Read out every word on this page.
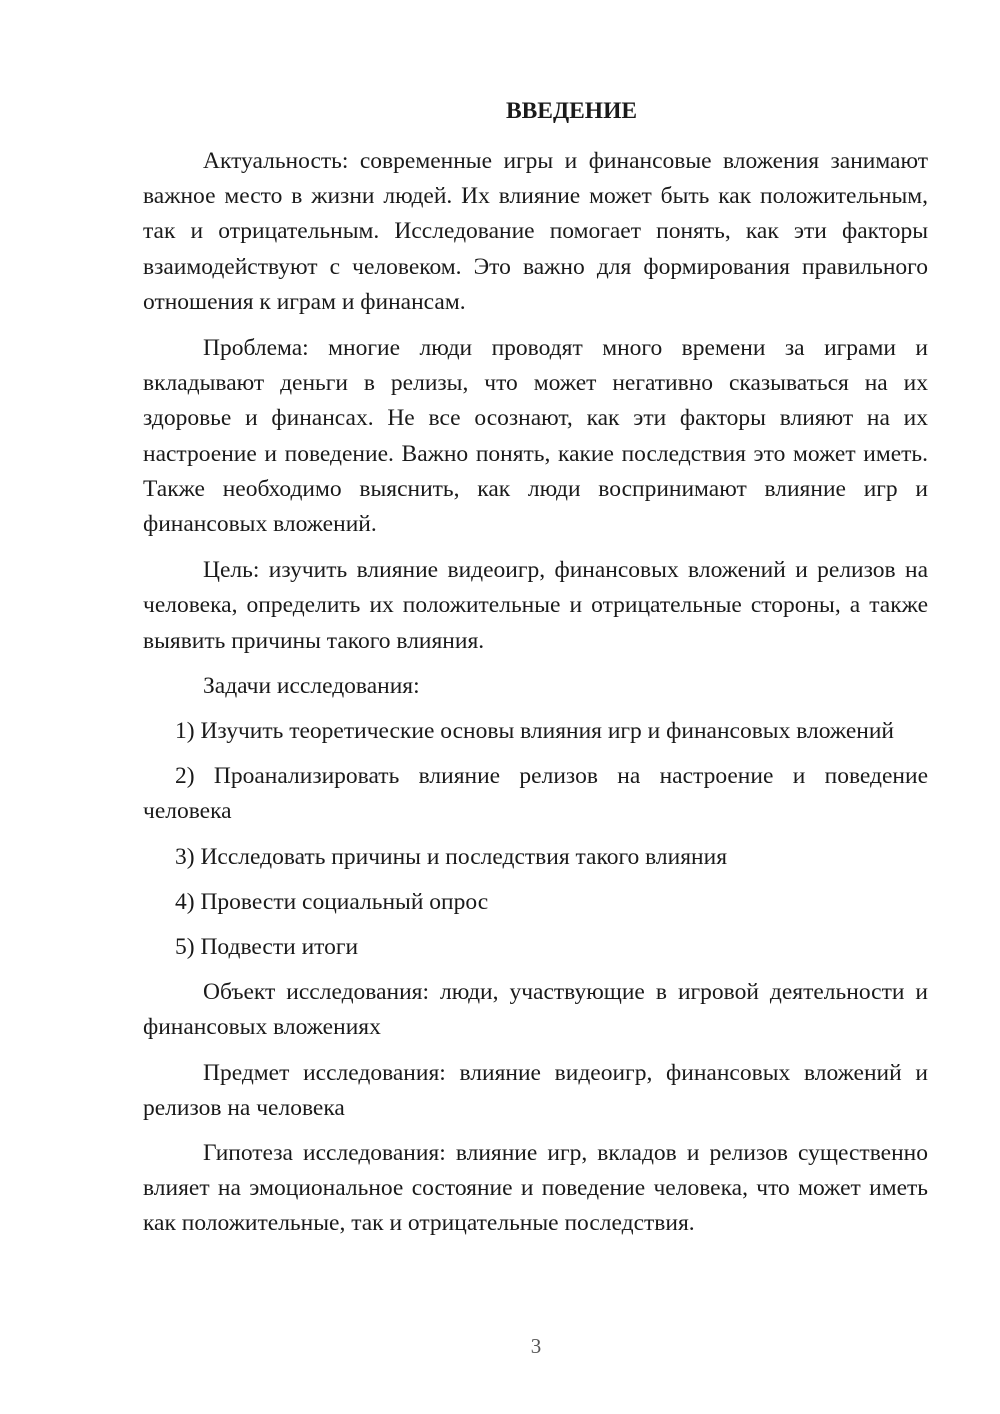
ВВЕДЕНИЕ

Актуальность: современные игры и финансовые вложения занимают важное место в жизни людей. Их влияние может быть как положительным, так и отрицательным. Исследование помогает понять, как эти факторы взаимодействуют с человеком. Это важно для формирования правильного отношения к играм и финансам.

Проблема: многие люди проводят много времени за играми и вкладывают деньги в релизы, что может негативно сказываться на их здоровье и финансах. Не все осознают, как эти факторы влияют на их настроение и поведение. Важно понять, какие последствия это может иметь. Также необходимо выяснить, как люди воспринимают влияние игр и финансовых вложений.

Цель: изучить влияние видеоигр, финансовых вложений и релизов на человека, определить их положительные и отрицательные стороны, а также выявить причины такого влияния.

Задачи исследования:

1) Изучить теоретические основы влияния игр и финансовых вложений

2) Проанализировать влияние релизов на настроение и поведение человека

3) Исследовать причины и последствия такого влияния

4) Провести социальный опрос

5) Подвести итоги

Объект исследования: люди, участвующие в игровой деятельности и финансовых вложениях

Предмет исследования: влияние видеоигр, финансовых вложений и релизов на человека

Гипотеза исследования: влияние игр, вкладов и релизов существенно влияет на эмоциональное состояние и поведение человека, что может иметь как положительные, так и отрицательные последствия.

3
